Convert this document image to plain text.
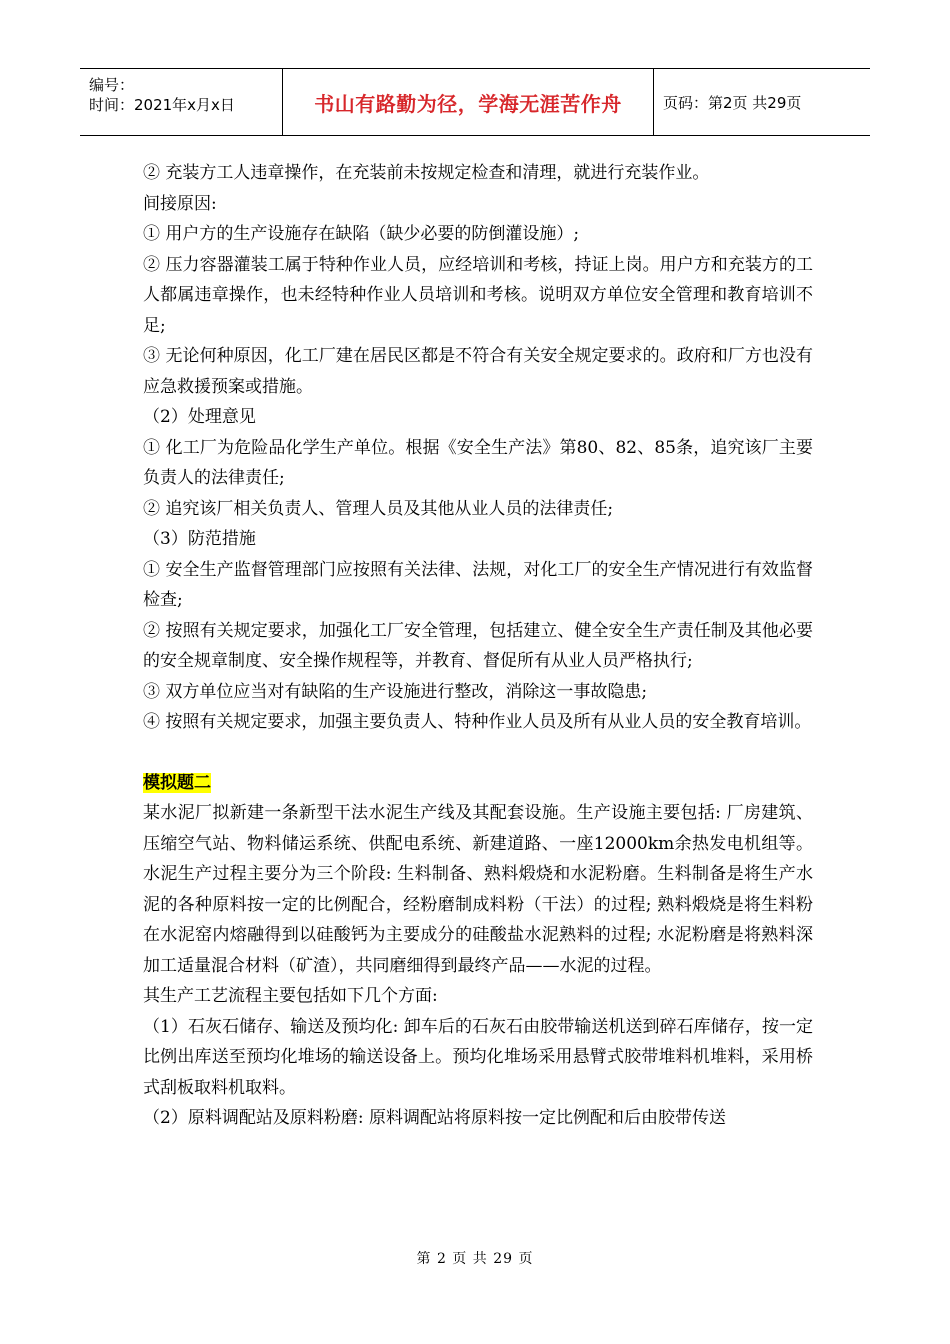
编号：
时间：2021年x月x日	书山有路勤为径，学海无涯苦作舟	页码：第2页 共29页

② 充装方工人违章操作，在充装前未按规定检查和清理，就进行充装作业。

间接原因:

① 用户方的生产设施存在缺陷（缺少必要的防倒灌设施）;

② 压力容器灌装工属于特种作业人员，应经培训和考核，持证上岗。用户方和充装方的工人都属违章操作，也未经特种作业人员培训和考核。说明双方单位安全管理和教育培训不足;

③ 无论何种原因，化工厂建在居民区都是不符合有关安全规定要求的。政府和厂方也没有应急救援预案或措施。

（2）处理意见

① 化工厂为危险品化学生产单位。根据《安全生产法》第80、82、85条，追究该厂主要负责人的法律责任;

② 追究该厂相关负责人、管理人员及其他从业人员的法律责任;

（3）防范措施

① 安全生产监督管理部门应按照有关法律、法规，对化工厂的安全生产情况进行有效监督检查;

② 按照有关规定要求，加强化工厂安全管理，包括建立、健全安全生产责任制及其他必要的安全规章制度、安全操作规程等，并教育、督促所有从业人员严格执行;

③ 双方单位应当对有缺陷的生产设施进行整改，消除这一事故隐患;

④ 按照有关规定要求，加强主要负责人、特种作业人员及所有从业人员的安全教育培训。

模拟题二

某水泥厂拟新建一条新型干法水泥生产线及其配套设施。生产设施主要包括: 厂房建筑、压缩空气站、物料储运系统、供配电系统、新建道路、一座12000km余热发电机组等。水泥生产过程主要分为三个阶段: 生料制备、熟料煅烧和水泥粉磨。生料制备是将生产水泥的各种原料按一定的比例配合，经粉磨制成料粉（干法）的过程; 熟料煅烧是将生料粉在水泥窑内熔融得到以硅酸钙为主要成分的硅酸盐水泥熟料的过程; 水泥粉磨是将熟料深加工适量混合材料（矿渣），共同磨细得到最终产品——水泥的过程。

其生产工艺流程主要包括如下几个方面:

（1）石灰石储存、输送及预均化: 卸车后的石灰石由胶带输送机送到碎石库储存，按一定比例出库送至预均化堆场的输送设备上。预均化堆场采用悬臂式胶带堆料机堆料，采用桥式刮板取料机取料。

（2）原料调配站及原料粉磨: 原料调配站将原料按一定比例配和后由胶带传送

第 2 页 共 29 页
